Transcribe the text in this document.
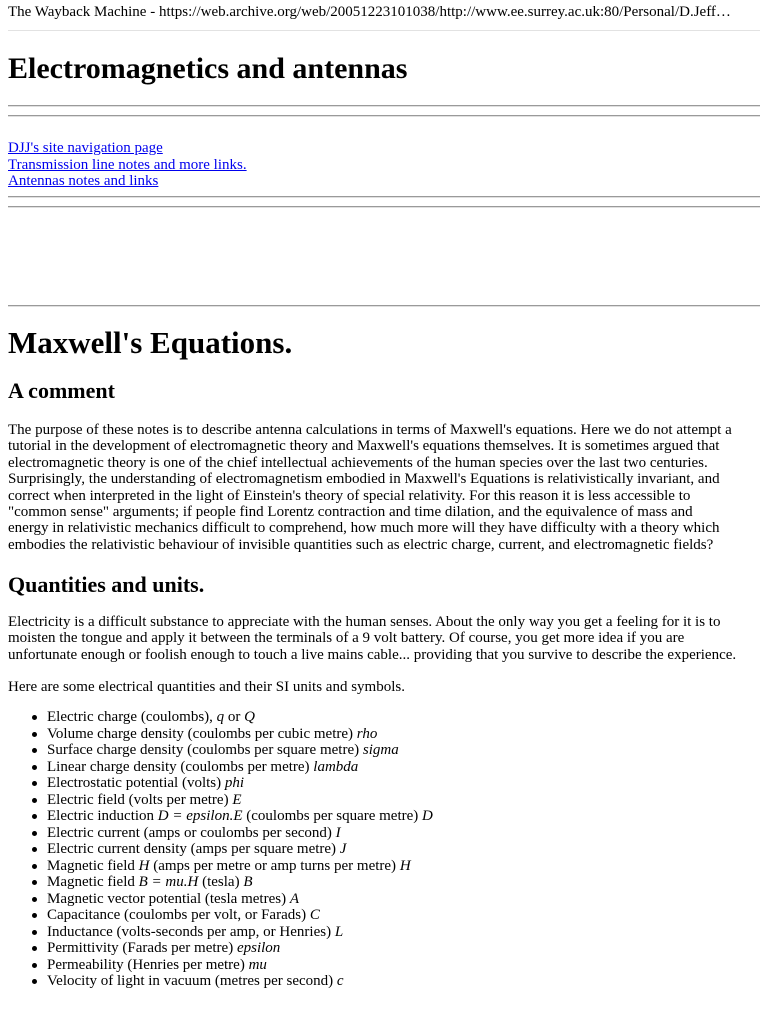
The Wayback Machine - https://web.archive.org/web/20051223101038/http://www.ee.surrey.ac.uk:80/Personal/D.Jeff…
Electromagnetics and antennas
DJJ's site navigation page
Transmission line notes and more links.
Antennas notes and links
Maxwell's Equations.
A comment
The purpose of these notes is to describe antenna calculations in terms of Maxwell's equations. Here we do not attempt a
tutorial in the development of electromagnetic theory and Maxwell's equations themselves. It is sometimes argued that
electromagnetic theory is one of the chief intellectual achievements of the human species over the last two centuries.
Surprisingly, the understanding of electromagnetism embodied in Maxwell's Equations is relativistically invariant, and
correct when interpreted in the light of Einstein's theory of special relativity. For this reason it is less accessible to
"common sense" arguments; if people find Lorentz contraction and time dilation, and the equivalence of mass and
energy in relativistic mechanics difficult to comprehend, how much more will they have difficulty with a theory which
embodies the relativistic behaviour of invisible quantities such as electric charge, current, and electromagnetic fields?
Quantities and units.
Electricity is a difficult substance to appreciate with the human senses. About the only way you get a feeling for it is to
moisten the tongue and apply it between the terminals of a 9 volt battery. Of course, you get more idea if you are
unfortunate enough or foolish enough to touch a live mains cable... providing that you survive to describe the experience.

Here are some electrical quantities and their SI units and symbols.

Electric charge (coulombs), q or Q
Volume charge density (coulombs per cubic metre) rho
Surface charge density (coulombs per square metre) sigma
Linear charge density (coulombs per metre) lambda
Electrostatic potential (volts) phi
Electric field (volts per metre) E
Electric induction D = epsilon.E (coulombs per square metre) D
Electric current (amps or coulombs per second) I
Electric current density (amps per square metre) J
Magnetic field H (amps per metre or amp turns per metre) H
Magnetic field B = mu.H (tesla) B
Magnetic vector potential (tesla metres) A
Capacitance (coulombs per volt, or Farads) C
Inductance (volts-seconds per amp, or Henries) L
Permittivity (Farads per metre) epsilon
Permeability (Henries per metre) mu
Velocity of light in vacuum (metres per second) c
